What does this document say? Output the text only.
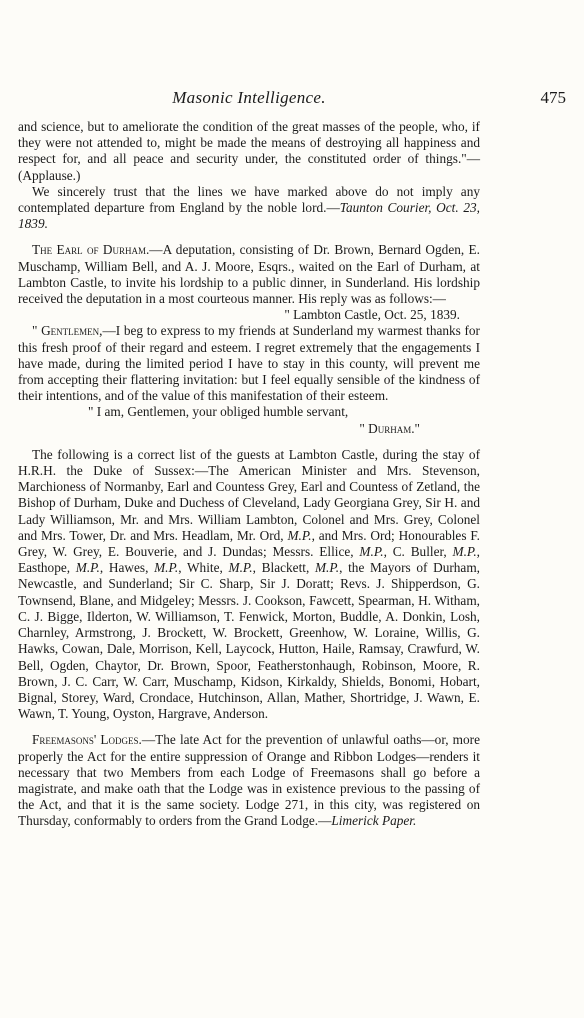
Masonic Intelligence.	475

and science, but to ameliorate the condition of the great masses of the people, who, if they were not attended to, might be made the means of destroying all happiness and respect for, and all peace and security under, the constituted order of things."—(Applause.)

We sincerely trust that the lines we have marked above do not imply any contemplated departure from England by the noble lord.—Taunton Courier, Oct. 23, 1839.

The Earl of Durham.—A deputation, consisting of Dr. Brown, Bernard Ogden, E. Muschamp, William Bell, and A. J. Moore, Esqrs., waited on the Earl of Durham, at Lambton Castle, to invite his lordship to a public dinner, in Sunderland. His lordship received the deputation in a most courteous manner. His reply was as follows:—

" Lambton Castle, Oct. 25, 1839.

" Gentlemen,—I beg to express to my friends at Sunderland my warmest thanks for this fresh proof of their regard and esteem. I regret extremely that the engagements I have made, during the limited period I have to stay in this county, will prevent me from accepting their flattering invitation: but I feel equally sensible of the kindness of their intentions, and of the value of this manifestation of their esteem.

" I am, Gentlemen, your obliged humble servant,

" Durham."

The following is a correct list of the guests at Lambton Castle, during the stay of H.R.H. the Duke of Sussex:—The American Minister and Mrs. Stevenson, Marchioness of Normanby, Earl and Countess Grey, Earl and Countess of Zetland, the Bishop of Durham, Duke and Duchess of Cleveland, Lady Georgiana Grey, Sir H. and Lady Williamson, Mr. and Mrs. William Lambton, Colonel and Mrs. Grey, Colonel and Mrs. Tower, Dr. and Mrs. Headlam, Mr. Ord, M.P., and Mrs. Ord; Honourables F. Grey, W. Grey, E. Bouverie, and J. Dundas; Messrs. Ellice, M.P., C. Buller, M.P., Easthope, M.P., Hawes, M.P., White, M.P., Blackett, M.P., the Mayors of Durham, Newcastle, and Sunderland; Sir C. Sharp, Sir J. Doratt; Revs. J. Shipperdson, G. Townsend, Blane, and Midgeley; Messrs. J. Cookson, Fawcett, Spearman, H. Witham, C. J. Bigge, Ilderton, W. Williamson, T. Fenwick, Morton, Buddle, A. Donkin, Losh, Charnley, Armstrong, J. Brockett, W. Brockett, Greenhow, W. Loraine, Willis, G. Hawks, Cowan, Dale, Morrison, Kell, Laycock, Hutton, Haile, Ramsay, Crawfurd, W. Bell, Ogden, Chaytor, Dr. Brown, Spoor, Featherstonhaugh, Robinson, Moore, R. Brown, J. C. Carr, W. Carr, Muschamp, Kidson, Kirkaldy, Shields, Bonomi, Hobart, Bignal, Storey, Ward, Crondace, Hutchinson, Allan, Mather, Shortridge, J. Wawn, E. Wawn, T. Young, Oyston, Hargrave, Anderson.

Freemasons' Lodges.—The late Act for the prevention of unlawful oaths—or, more properly the Act for the entire suppression of Orange and Ribbon Lodges—renders it necessary that two Members from each Lodge of Freemasons shall go before a magistrate, and make oath that the Lodge was in existence previous to the passing of the Act, and that it is the same society. Lodge 271, in this city, was registered on Thursday, conformably to orders from the Grand Lodge.—Limerick Paper.
